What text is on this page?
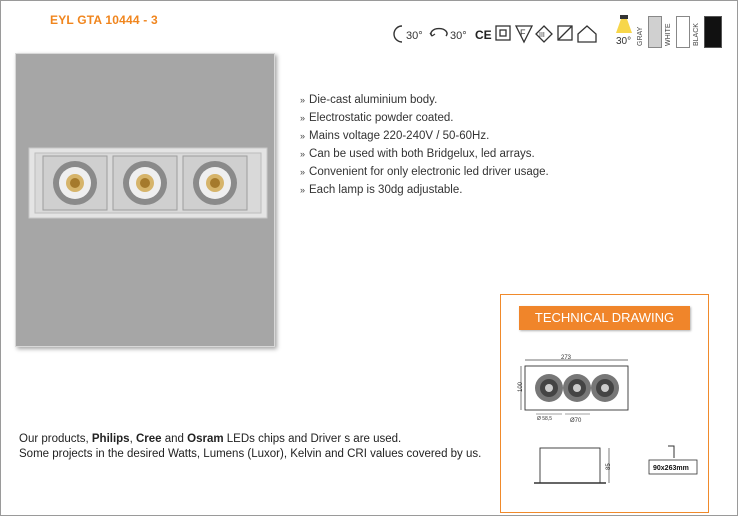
EYL GTA 10444 - 3
30° 30° CE	F III
30° GRAY	WHITE	BLACK
» Die-cast aluminium body.
» Electrostatic powder coated.
» Mains voltage 220-240V / 50-60Hz.
» Can be used with both Bridgelux, led arrays.
» Convenient for only electronic led driver usage.
» Each lamp is 30dg adjustable.
TECHNICAL DRAWING
273
100
Ø 58,5	Ø70
85	90x263mm
Our products, Philips, Cree and Osram LEDs chips and Driver s are used.
Some projects in the desired Watts, Lumens (Luxor), Kelvin and CRI values covered by us.
